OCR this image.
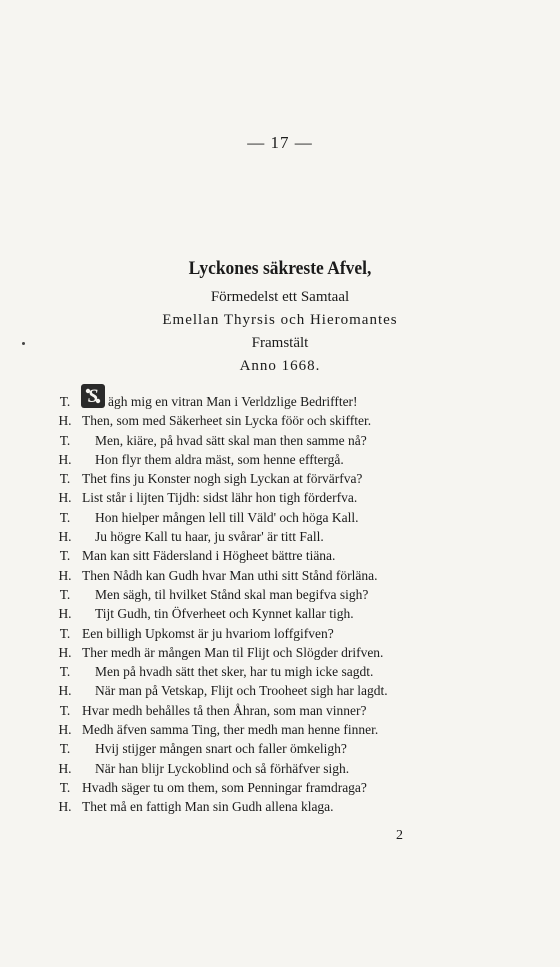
— 17 —
Lyckones säkreste Afvel,
Förmedelst ett Samtaal
Emellan Thyrsis och Hieromantes
Framstält
Anno 1668.
T. S ägh mig en vitran Man i Verldzlige Bedriffter!
H. Then, som med Säkerheet sin Lycka föör och skiffter.
T. Men, kiäre, på hvad sätt skal man then samme nå?
H. Hon flyr them aldra mäst, som henne efftergå.
T. Thet fins ju Konster nogh sigh Lyckan at förvärfva?
H. List står i lijten Tijdh: sidst lähr hon tigh förderfva.
T. Hon hielper mången lell till Väld' och höga Kall.
H. Ju högre Kall tu haar, ju svårar' är titt Fall.
T. Man kan sitt Fädersland i Högheet bättre tiäna.
H. Then Nådh kan Gudh hvar Man uthi sitt Stånd förläna.
T. Men sägh, til hvilket Stånd skal man begifva sigh?
H. Tijt Gudh, tin Öfverheet och Kynnet kallar tigh.
T. Een billigh Upkomst är ju hvariom loffgifven?
H. Ther medh är mången Man til Flijt och Slögder drifven.
T. Men på hvadh sätt thet sker, har tu migh icke sagdt.
H. När man på Vetskap, Flijt och Trooheet sigh har lagdt.
T. Hvar medh behålles tå then Åhran, som man vinner?
H. Medh äfven samma Ting, ther medh man henne finner.
T. Hvij stijger mången snart och faller ömkeligh?
H. När han blijr Lyckoblind och så förhäfver sigh.
T. Hvadh säger tu om them, som Penningar framdraga?
H. Thet må en fattigh Man sin Gudh allena klaga.
2
